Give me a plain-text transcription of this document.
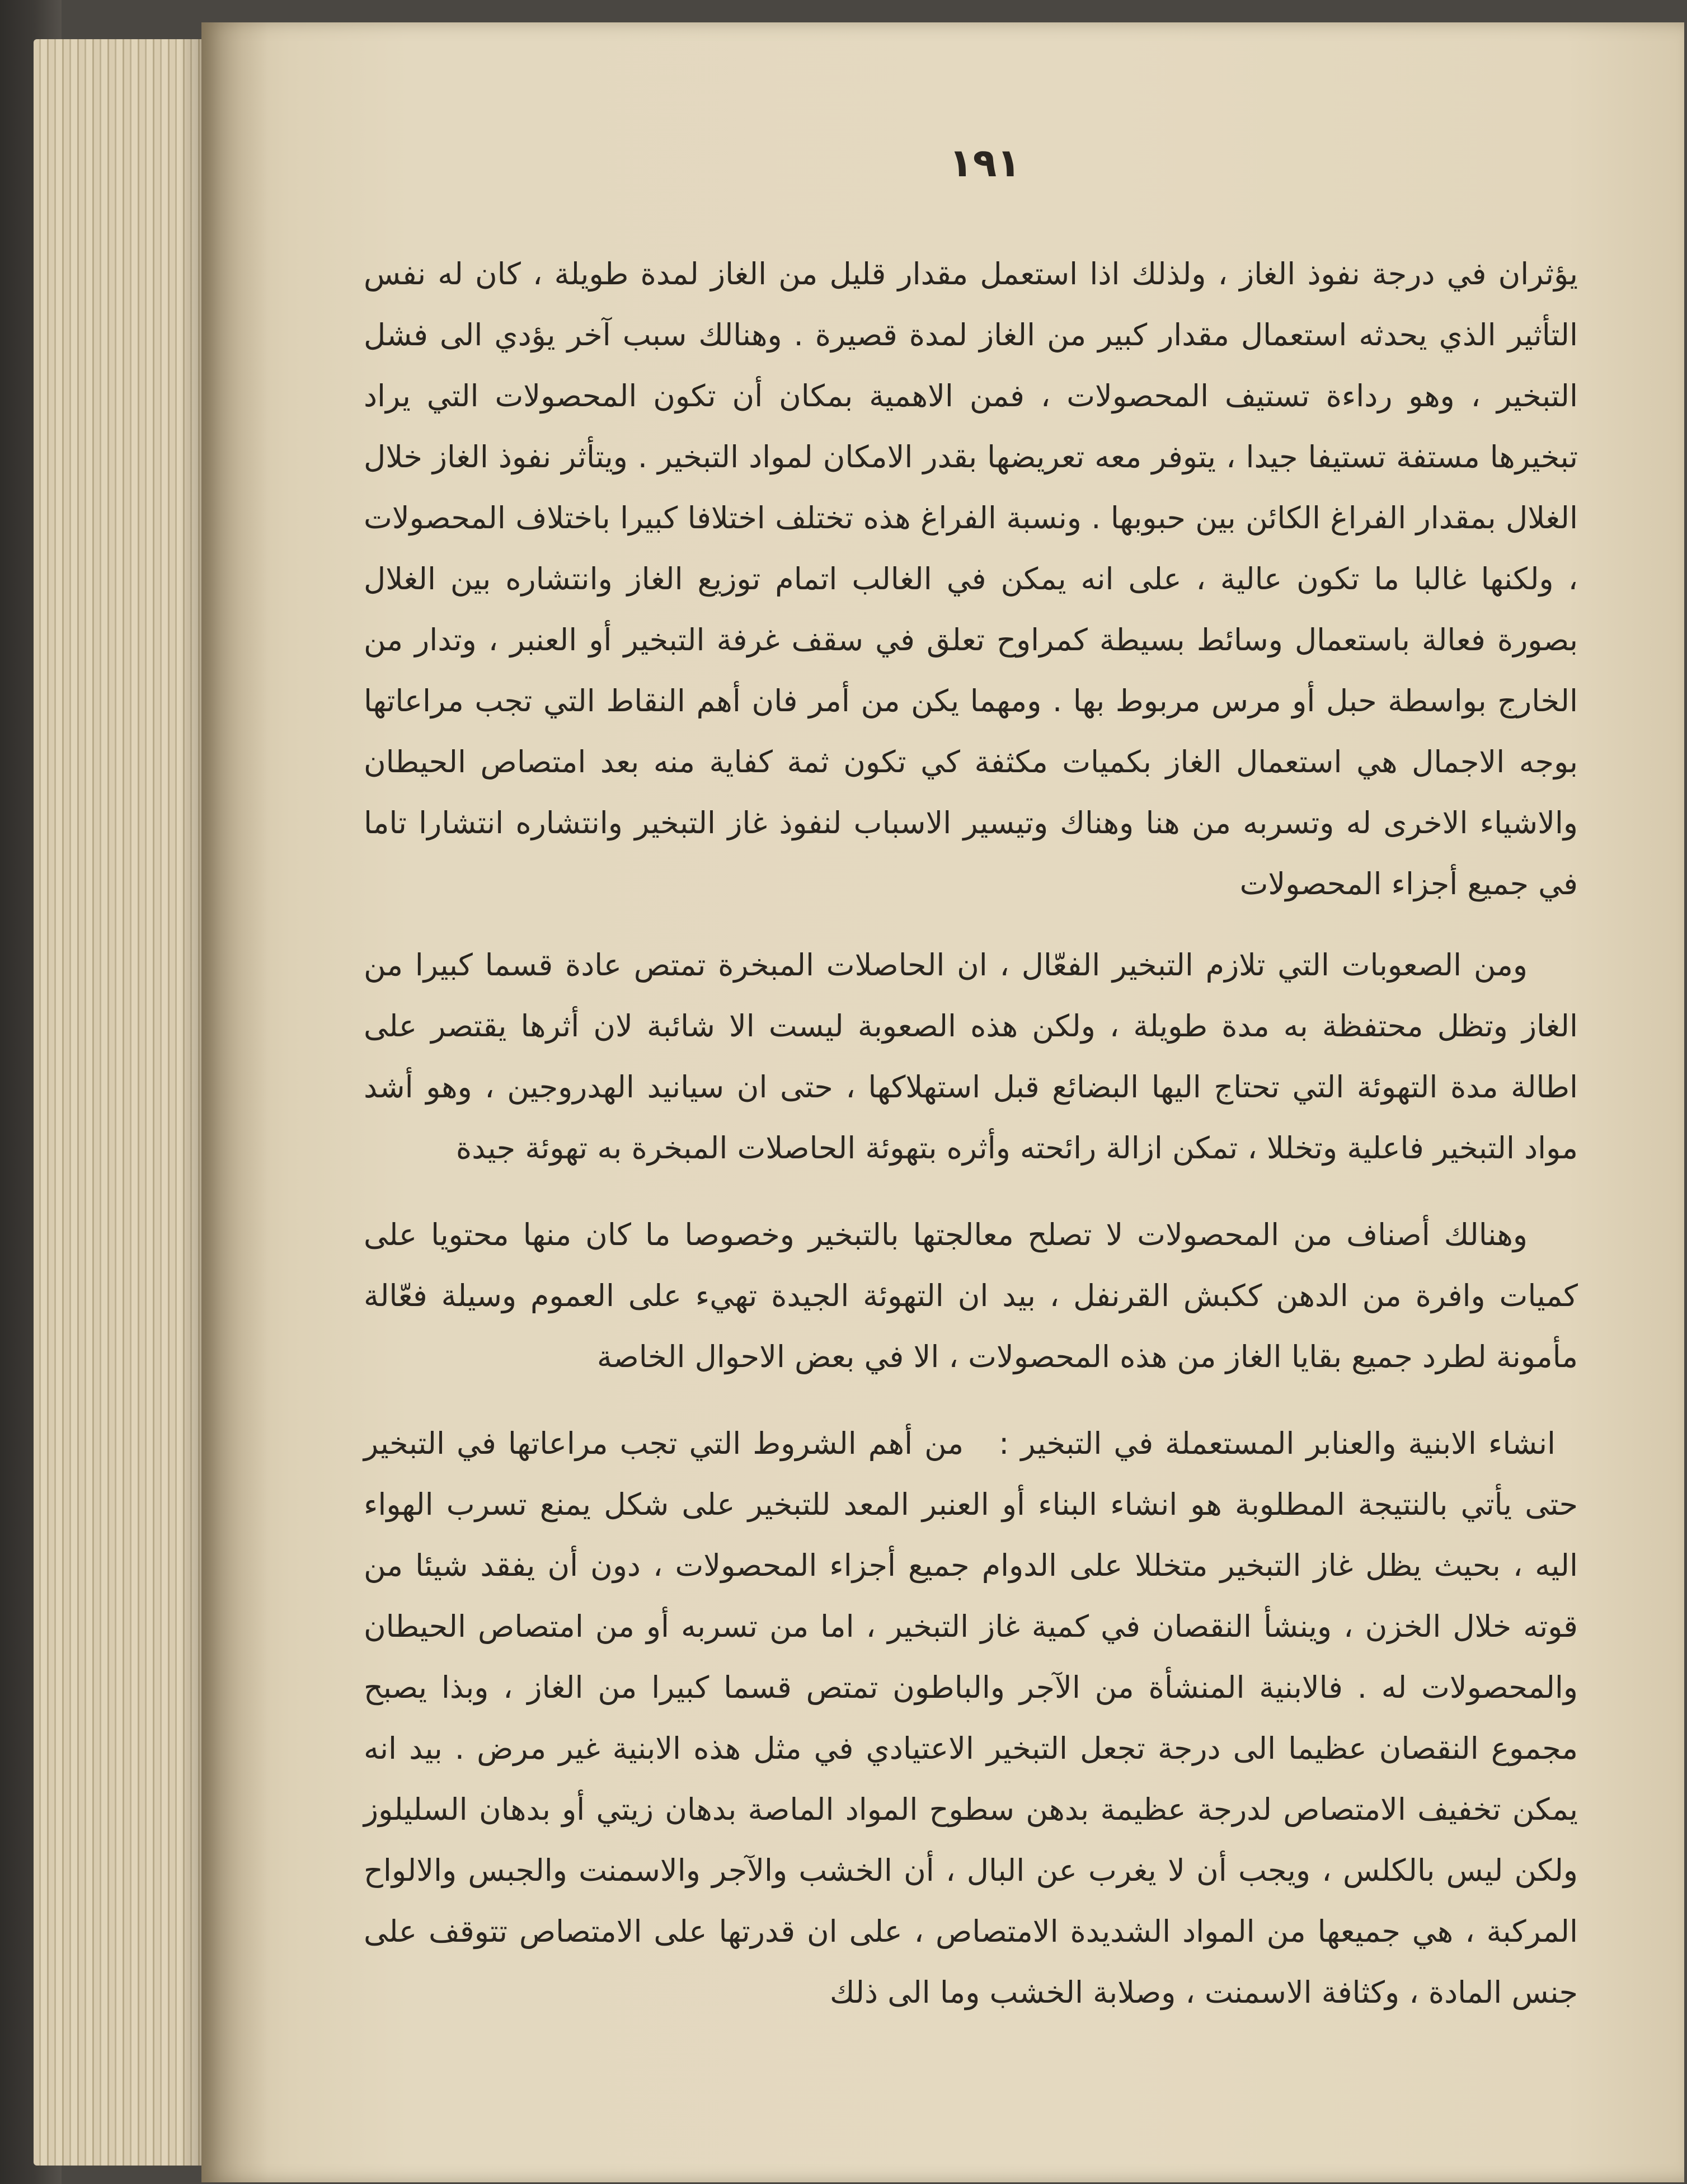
١٩١

يؤثران في درجة نفوذ الغاز ، ولذلك اذا استعمل مقدار قليل من الغاز لمدة طويلة ، كان له نفس التأثير الذي يحدثه استعمال مقدار كبير من الغاز لمدة قصيرة . وهنالك سبب آخر يؤدي الى فشل التبخير ، وهو رداءة تستيف المحصولات ، فمن الاهمية بمكان أن تكون المحصولات التي يراد تبخيرها مستفة تستيفا جيدا ، يتوفر معه تعريضها بقدر الامكان لمواد التبخير . ويتأثر نفوذ الغاز خلال الغلال بمقدار الفراغ الكائن بين حبوبها . ونسبة الفراغ هذه تختلف اختلافا كبيرا باختلاف المحصولات ، ولكنها غالبا ما تكون عالية ، على انه يمكن في الغالب اتمام توزيع الغاز وانتشاره بين الغلال بصورة فعالة باستعمال وسائط بسيطة كمراوح تعلق في سقف غرفة التبخير أو العنبر ، وتدار من الخارج بواسطة حبل أو مرس مربوط بها . ومهما يكن من أمر فان أهم النقاط التي تجب مراعاتها بوجه الاجمال هي استعمال الغاز بكميات مكثفة كي تكون ثمة كفاية منه بعد امتصاص الحيطان والاشياء الاخرى له وتسربه من هنا وهناك وتيسير الاسباب لنفوذ غاز التبخير وانتشاره انتشارا تاما في جميع أجزاء المحصولات

ومن الصعوبات التي تلازم التبخير الفعّال ، ان الحاصلات المبخرة تمتص عادة قسما كبيرا من الغاز وتظل محتفظة به مدة طويلة ، ولكن هذه الصعوبة ليست الا شائبة لان أثرها يقتصر على اطالة مدة التهوئة التي تحتاج اليها البضائع قبل استهلاكها ، حتى ان سيانيد الهدروجين ، وهو أشد مواد التبخير فاعلية وتخللا ، تمكن ازالة رائحته وأثره بتهوئة الحاصلات المبخرة به تهوئة جيدة

وهنالك أصناف من المحصولات لا تصلح معالجتها بالتبخير وخصوصا ما كان منها محتويا على كميات وافرة من الدهن ككبش القرنفل ، بيد ان التهوئة الجيدة تهيء على العموم وسيلة فعّالة مأمونة لطرد جميع بقايا الغاز من هذه المحصولات ، الا في بعض الاحوال الخاصة

انشاء الابنية والعنابر المستعملة في التبخير :   من أهم الشروط التي تجب مراعاتها في التبخير حتى يأتي بالنتيجة المطلوبة هو انشاء البناء أو العنبر المعد للتبخير على شكل يمنع تسرب الهواء اليه ، بحيث يظل غاز التبخير متخللا على الدوام جميع أجزاء المحصولات ، دون أن يفقد شيئا من قوته خلال الخزن ، وينشأ النقصان في كمية غاز التبخير ، اما من تسربه أو من امتصاص الحيطان والمحصولات له . فالابنية المنشأة من الآجر والباطون تمتص قسما كبيرا من الغاز ، وبذا يصبح مجموع النقصان عظيما الى درجة تجعل التبخير الاعتيادي في مثل هذه الابنية غير مرض . بيد انه يمكن تخفيف الامتصاص لدرجة عظيمة بدهن سطوح المواد الماصة بدهان زيتي أو بدهان السليلوز ولكن ليس بالكلس ، ويجب أن لا يغرب عن البال ، أن الخشب والآجر والاسمنت والجبس والالواح المركبة ، هي جميعها من المواد الشديدة الامتصاص ، على ان قدرتها على الامتصاص تتوقف على جنس المادة ، وكثافة الاسمنت ، وصلابة الخشب وما الى ذلك
